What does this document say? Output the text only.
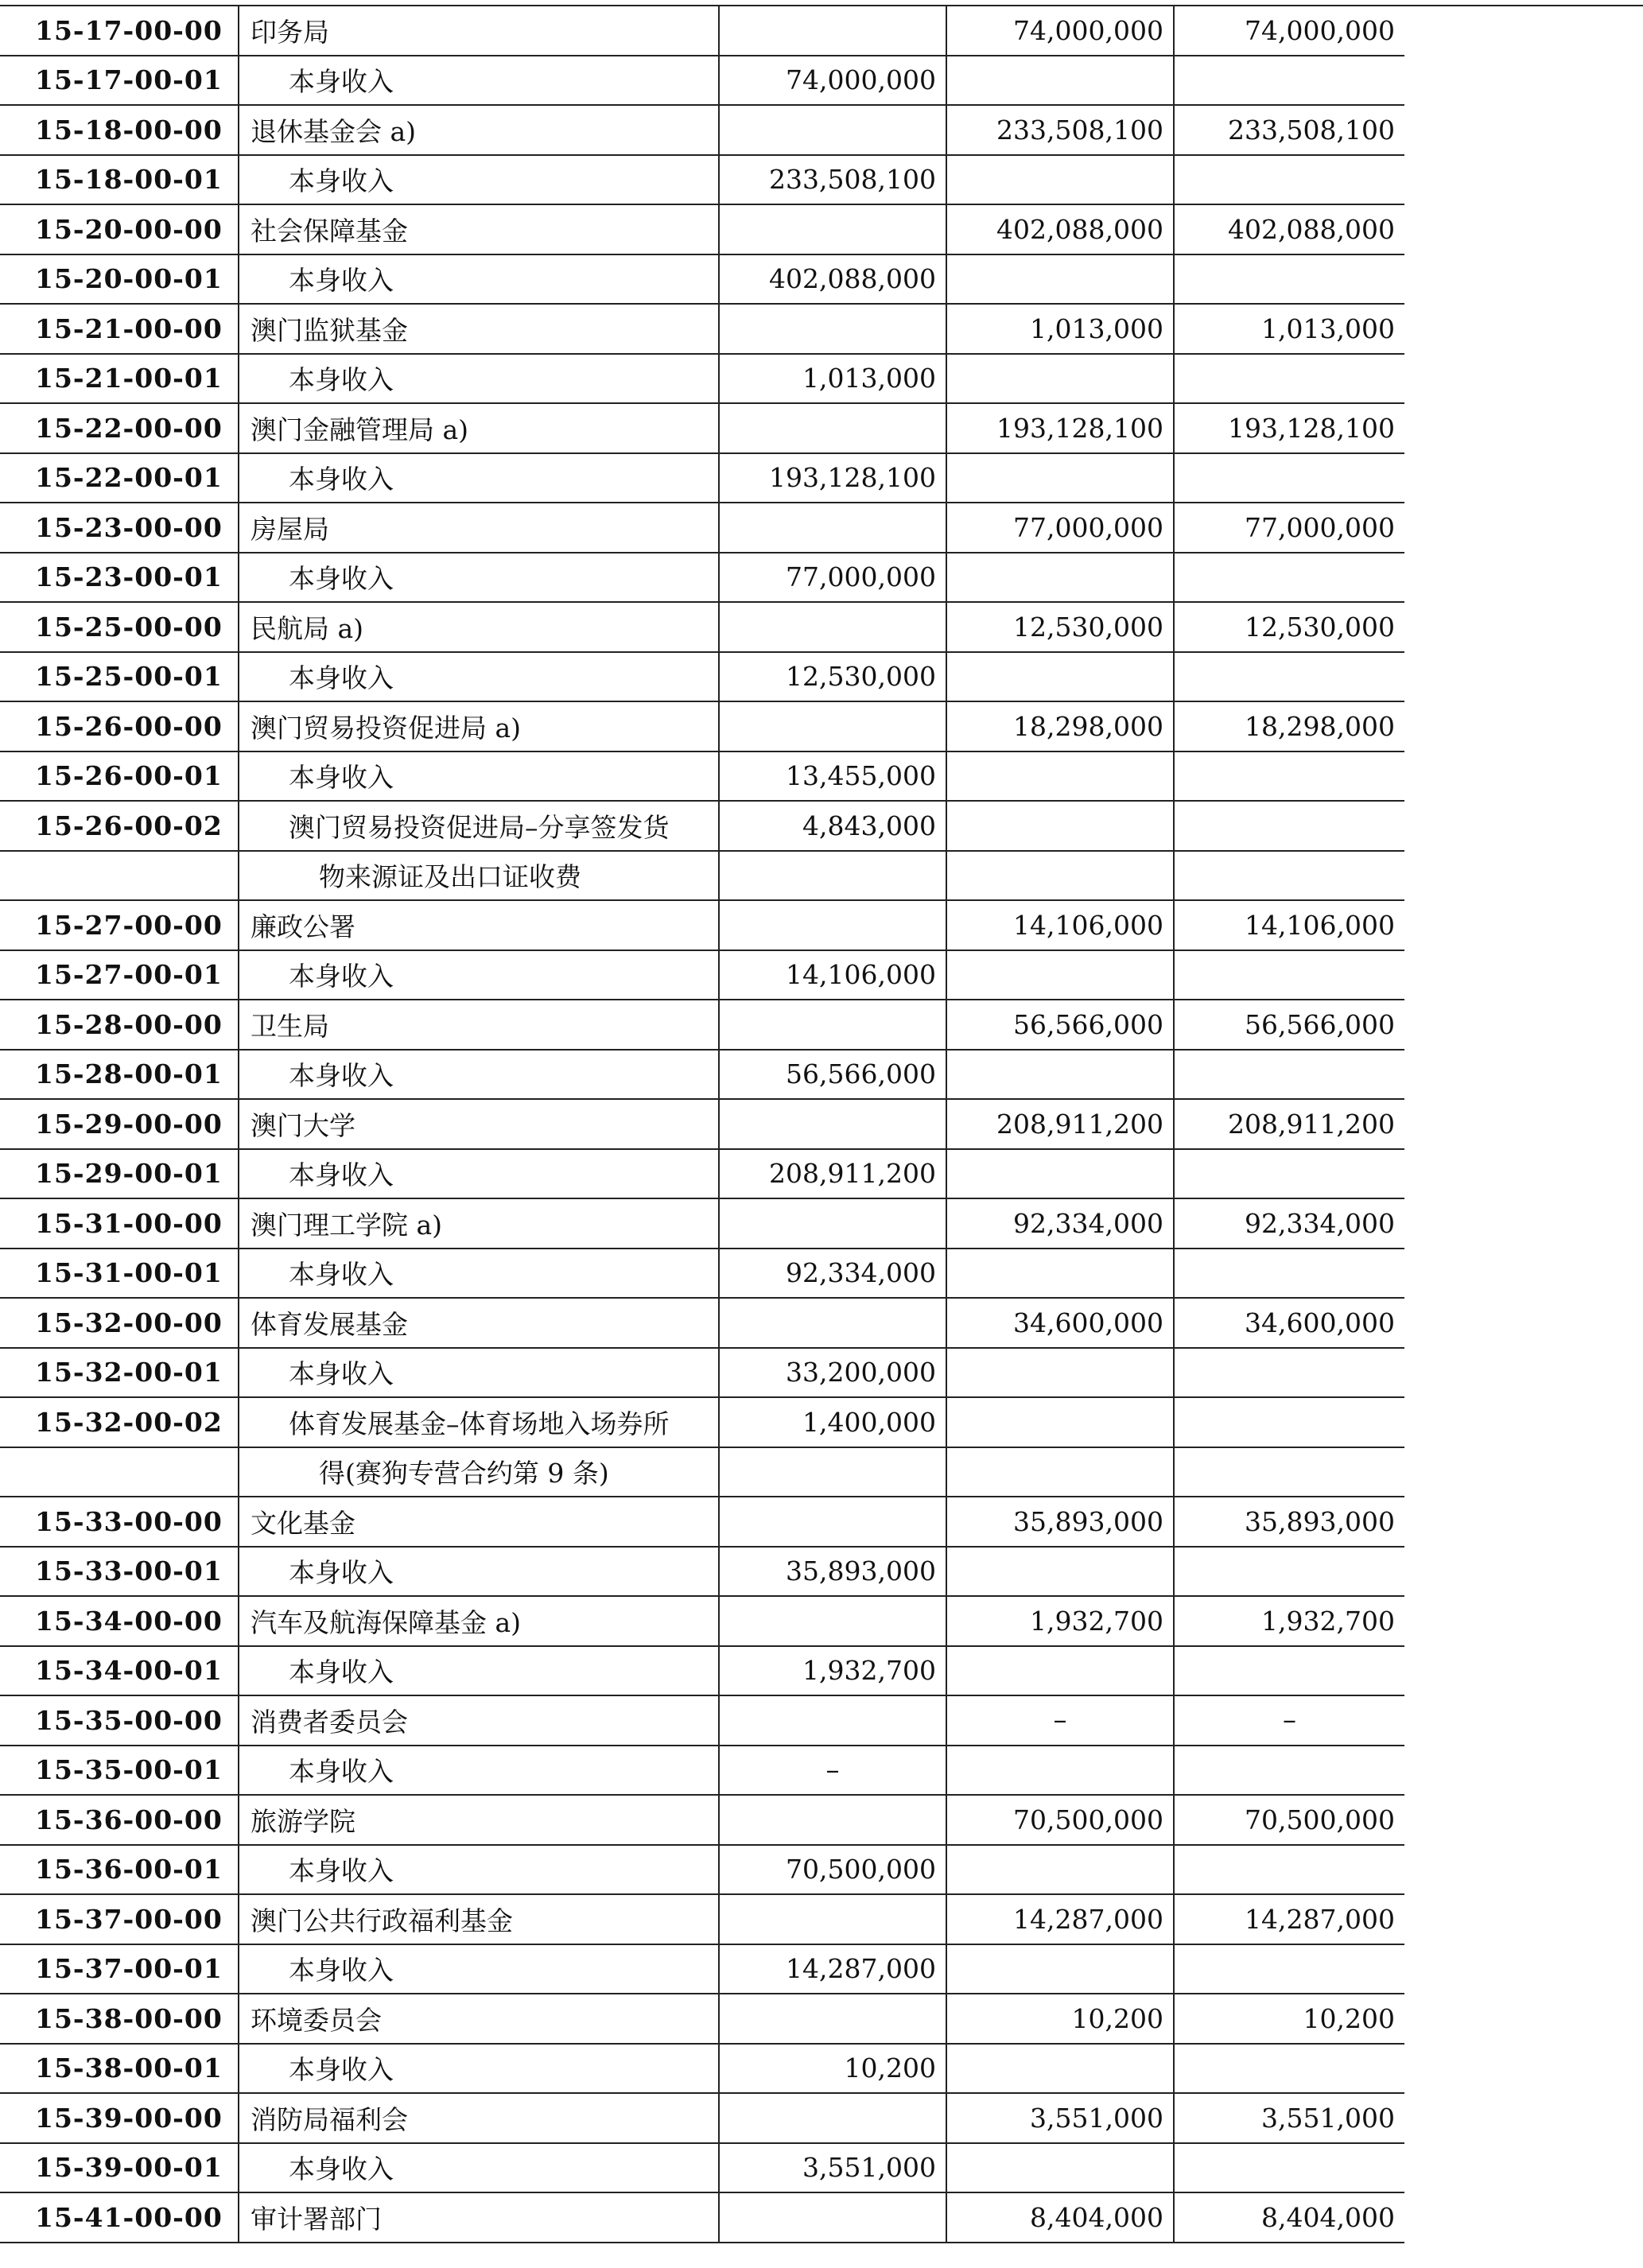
15-17-00-00	印务局		74,000,000	74,000,000
15-17-00-01	本身收入	74,000,000		
15-18-00-00	退休基金会 a)		233,508,100	233,508,100
15-18-00-01	本身收入	233,508,100		
15-20-00-00	社会保障基金		402,088,000	402,088,000
15-20-00-01	本身收入	402,088,000		
15-21-00-00	澳门监狱基金		1,013,000	1,013,000
15-21-00-01	本身收入	1,013,000		
15-22-00-00	澳门金融管理局 a)		193,128,100	193,128,100
15-22-00-01	本身收入	193,128,100		
15-23-00-00	房屋局		77,000,000	77,000,000
15-23-00-01	本身收入	77,000,000		
15-25-00-00	民航局 a)		12,530,000	12,530,000
15-25-00-01	本身收入	12,530,000		
15-26-00-00	澳门贸易投资促进局 a)		18,298,000	18,298,000
15-26-00-01	本身收入	13,455,000		
15-26-00-02	澳门贸易投资促进局–分享签发货	4,843,000		
	物来源证及出口证收费			
15-27-00-00	廉政公署		14,106,000	14,106,000
15-27-00-01	本身收入	14,106,000		
15-28-00-00	卫生局		56,566,000	56,566,000
15-28-00-01	本身收入	56,566,000		
15-29-00-00	澳门大学		208,911,200	208,911,200
15-29-00-01	本身收入	208,911,200		
15-31-00-00	澳门理工学院 a)		92,334,000	92,334,000
15-31-00-01	本身收入	92,334,000		
15-32-00-00	体育发展基金		34,600,000	34,600,000
15-32-00-01	本身收入	33,200,000		
15-32-00-02	体育发展基金–体育场地入场券所	1,400,000		
	得(赛狗专营合约第 9 条)			
15-33-00-00	文化基金		35,893,000	35,893,000
15-33-00-01	本身收入	35,893,000		
15-34-00-00	汽车及航海保障基金 a)		1,932,700	1,932,700
15-34-00-01	本身收入	1,932,700		
15-35-00-00	消费者委员会		–	–
15-35-00-01	本身收入	–		
15-36-00-00	旅游学院		70,500,000	70,500,000
15-36-00-01	本身收入	70,500,000		
15-37-00-00	澳门公共行政福利基金		14,287,000	14,287,000
15-37-00-01	本身收入	14,287,000		
15-38-00-00	环境委员会		10,200	10,200
15-38-00-01	本身收入	10,200		
15-39-00-00	消防局福利会		3,551,000	3,551,000
15-39-00-01	本身收入	3,551,000		
15-41-00-00	审计署部门		8,404,000	8,404,000
